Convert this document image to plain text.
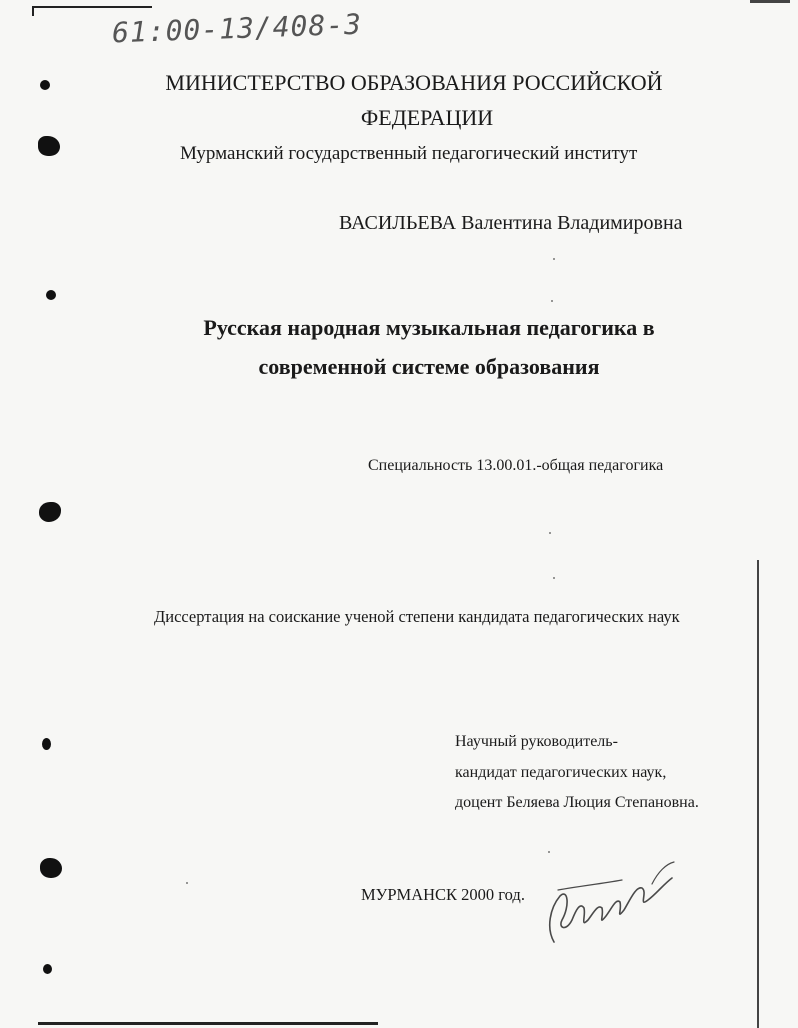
61:00-13/408-3

МИНИСТЕРСТВО ОБРАЗОВАНИЯ РОССИЙСКОЙ

ФЕДЕРАЦИИ

Мурманский государственный педагогический институт

ВАСИЛЬЕВА Валентина Владимировна

Русская народная музыкальная педагогика в
современной системе образования

Специальность 13.00.01.-общая педагогика

Диссертация на соискание ученой степени кандидата педагогических наук

Научный руководитель-

кандидат педагогических наук,

доцент Беляева Люция Степановна.

МУРМАНСК 2000 год.
